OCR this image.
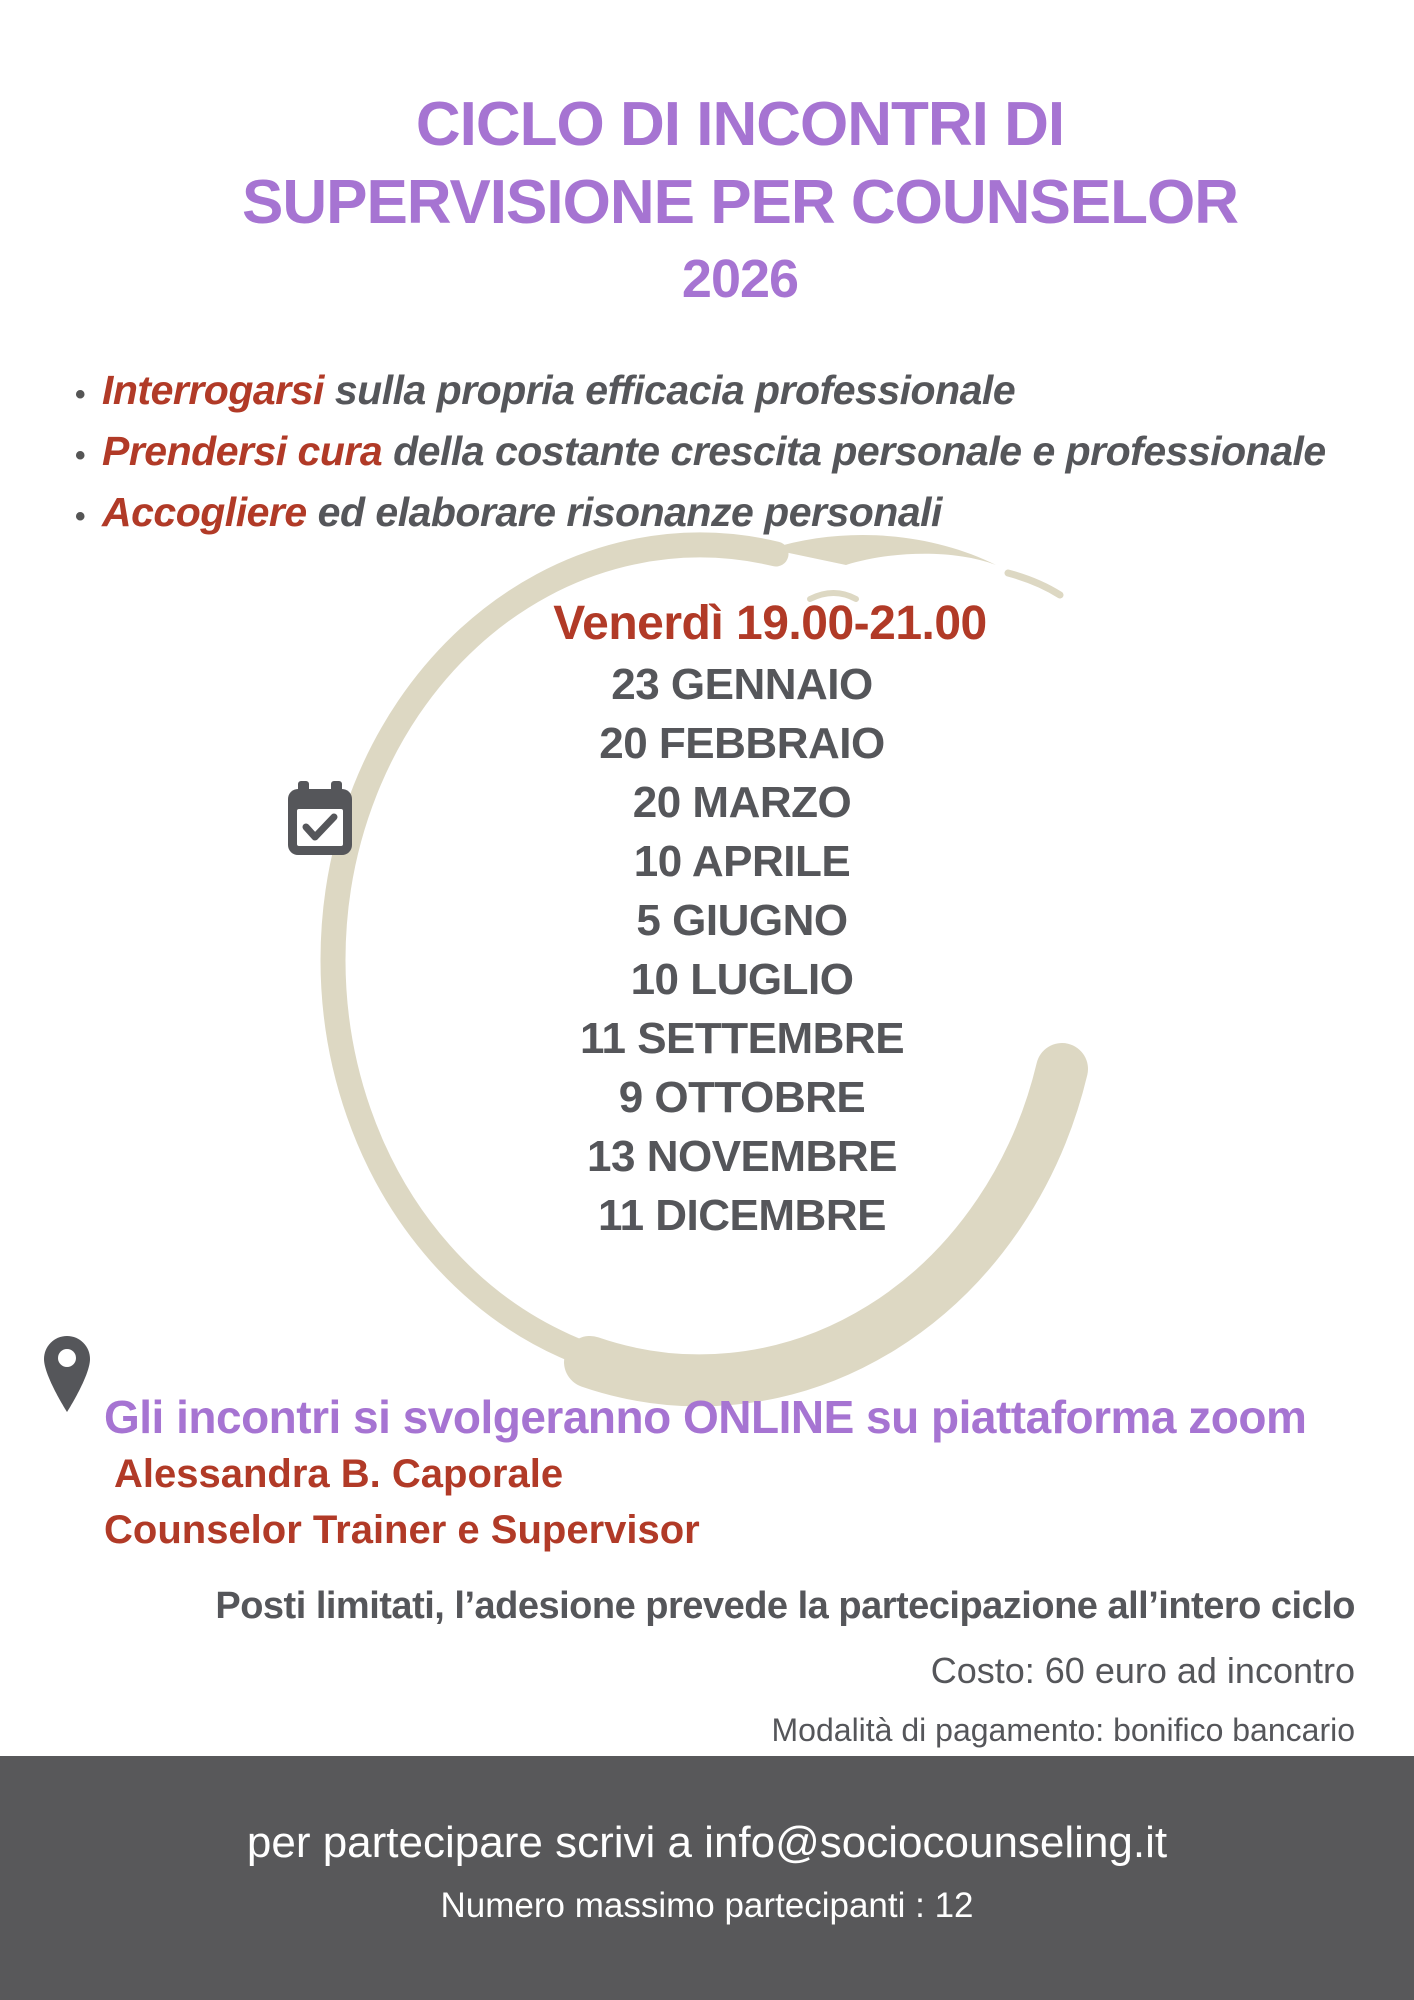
CICLO DI INCONTRI DI
SUPERVISIONE PER COUNSELOR
2026
• Interrogarsi sulla propria efficacia professionale
• Prendersi cura della costante crescita personale e professionale
• Accogliere ed elaborare risonanze personali
Venerdì 19.00-21.00
23 GENNAIO
20 FEBBRAIO
20 MARZO
10 APRILE
5 GIUGNO
10 LUGLIO
11 SETTEMBRE
9 OTTOBRE
13 NOVEMBRE
11 DICEMBRE
Gli incontri si svolgeranno ONLINE su piattaforma zoom
Alessandra B. Caporale
Counselor Trainer e Supervisor
Posti limitati, l’adesione prevede la partecipazione all’intero ciclo
Costo: 60 euro ad incontro
Modalità di pagamento: bonifico bancario
per partecipare scrivi a info@sociocounseling.it
Numero massimo partecipanti : 12
